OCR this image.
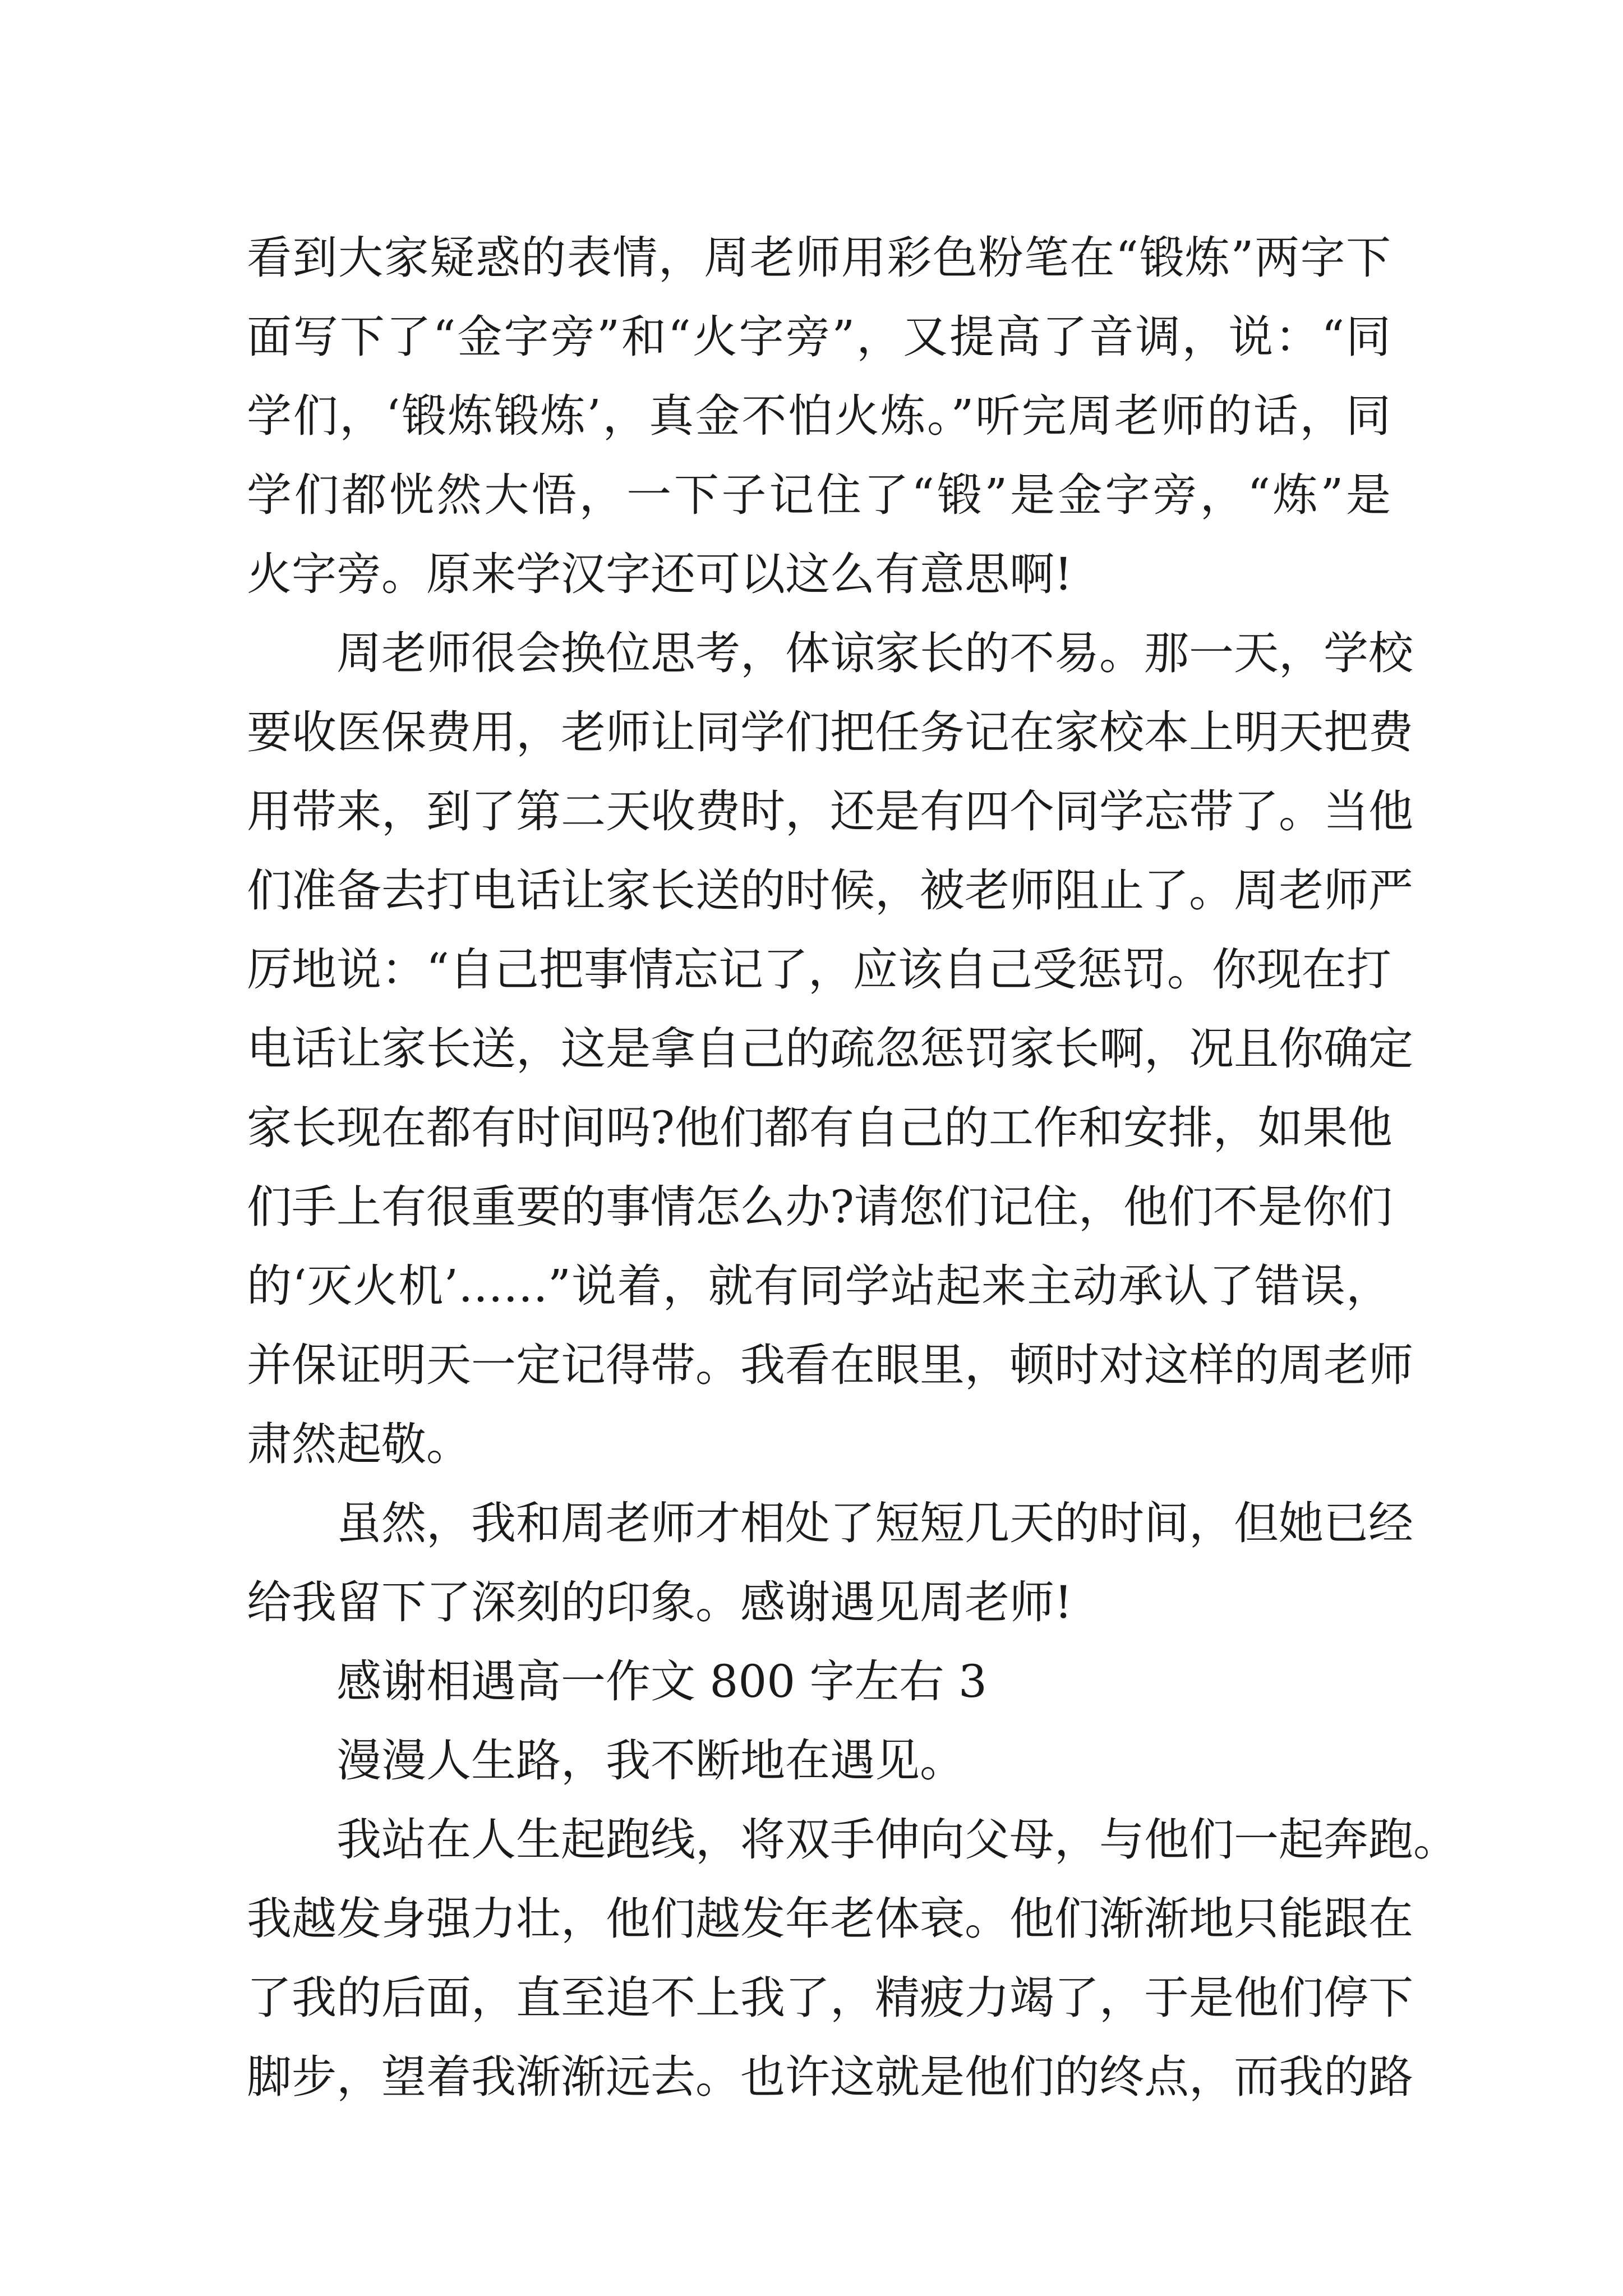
看到大家疑惑的表情，周老师用彩色粉笔在“锻炼”两字下
面写下了“金字旁”和“火字旁”，又提高了音调，说：“同
学们，‘锻炼锻炼’，真金不怕火炼。”听完周老师的话，同
学们都恍然大悟，一下子记住了“锻”是金字旁，“炼”是
火字旁。原来学汉字还可以这么有意思啊!
周老师很会换位思考，体谅家长的不易。那一天，学校
要收医保费用，老师让同学们把任务记在家校本上明天把费
用带来，到了第二天收费时，还是有四个同学忘带了。当他
们准备去打电话让家长送的时候，被老师阻止了。周老师严
厉地说：“自己把事情忘记了，应该自己受惩罚。你现在打
电话让家长送，这是拿自己的疏忽惩罚家长啊，况且你确定
家长现在都有时间吗?他们都有自己的工作和安排，如果他
们手上有很重要的事情怎么办?请您们记住，他们不是你们
的‘灭火机’……”说着，就有同学站起来主动承认了错误，
并保证明天一定记得带。我看在眼里，顿时对这样的周老师
肃然起敬。
虽然，我和周老师才相处了短短几天的时间，但她已经
给我留下了深刻的印象。感谢遇见周老师!
感谢相遇高一作文 800 字左右 3
漫漫人生路，我不断地在遇见。
我站在人生起跑线，将双手伸向父母，与他们一起奔跑。
我越发身强力壮，他们越发年老体衰。他们渐渐地只能跟在
了我的后面，直至追不上我了，精疲力竭了，于是他们停下
脚步，望着我渐渐远去。也许这就是他们的终点，而我的路
